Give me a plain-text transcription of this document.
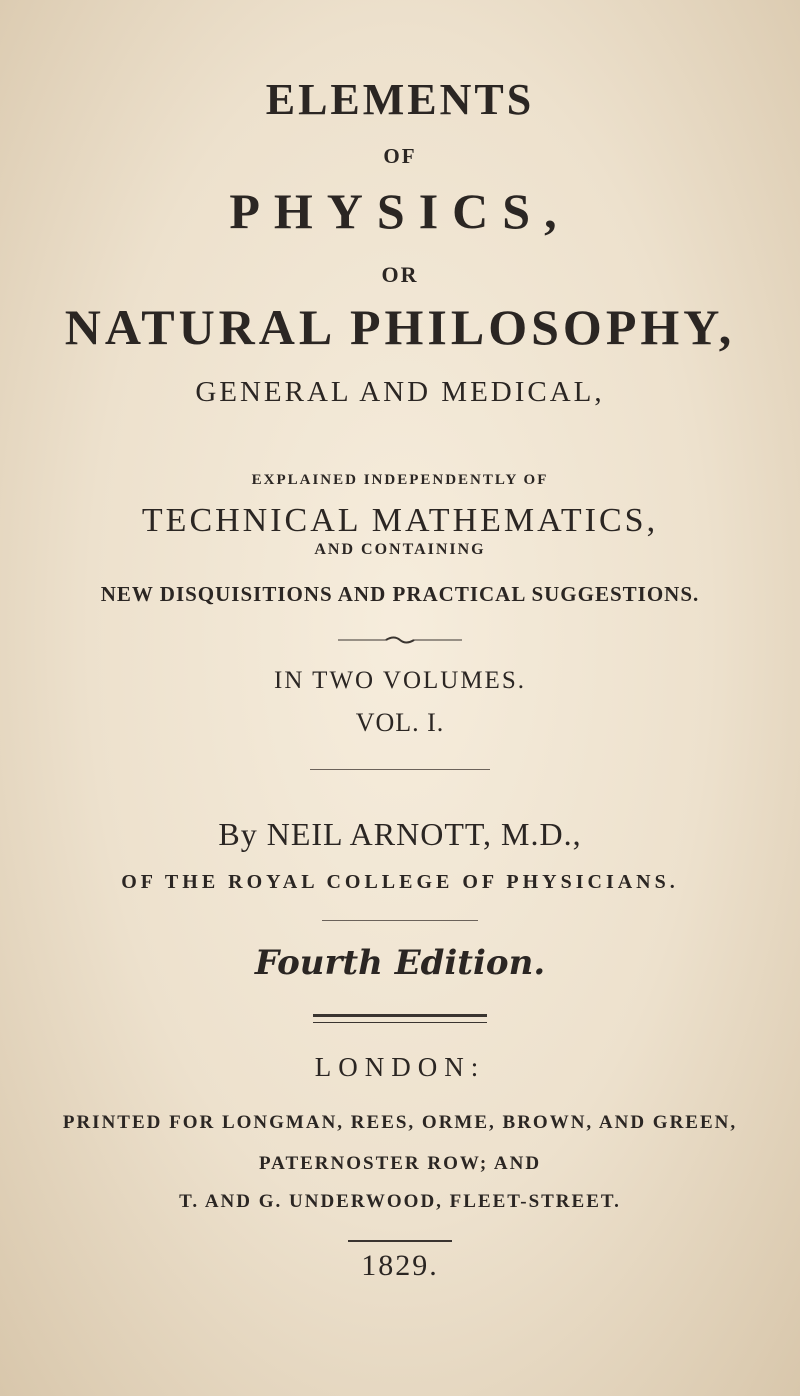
ELEMENTS

OF

PHYSICS,

OR

NATURAL PHILOSOPHY,

GENERAL AND MEDICAL,

EXPLAINED INDEPENDENTLY OF

TECHNICAL MATHEMATICS,

AND CONTAINING

NEW DISQUISITIONS AND PRACTICAL SUGGESTIONS.

IN TWO VOLUMES.

VOL. I.

By NEIL ARNOTT, M.D.,

OF THE ROYAL COLLEGE OF PHYSICIANS.

Fourth Edition.

LONDON:

PRINTED FOR LONGMAN, REES, ORME, BROWN, AND GREEN,

PATERNOSTER ROW; AND

T. AND G. UNDERWOOD, FLEET-STREET.

1829.
